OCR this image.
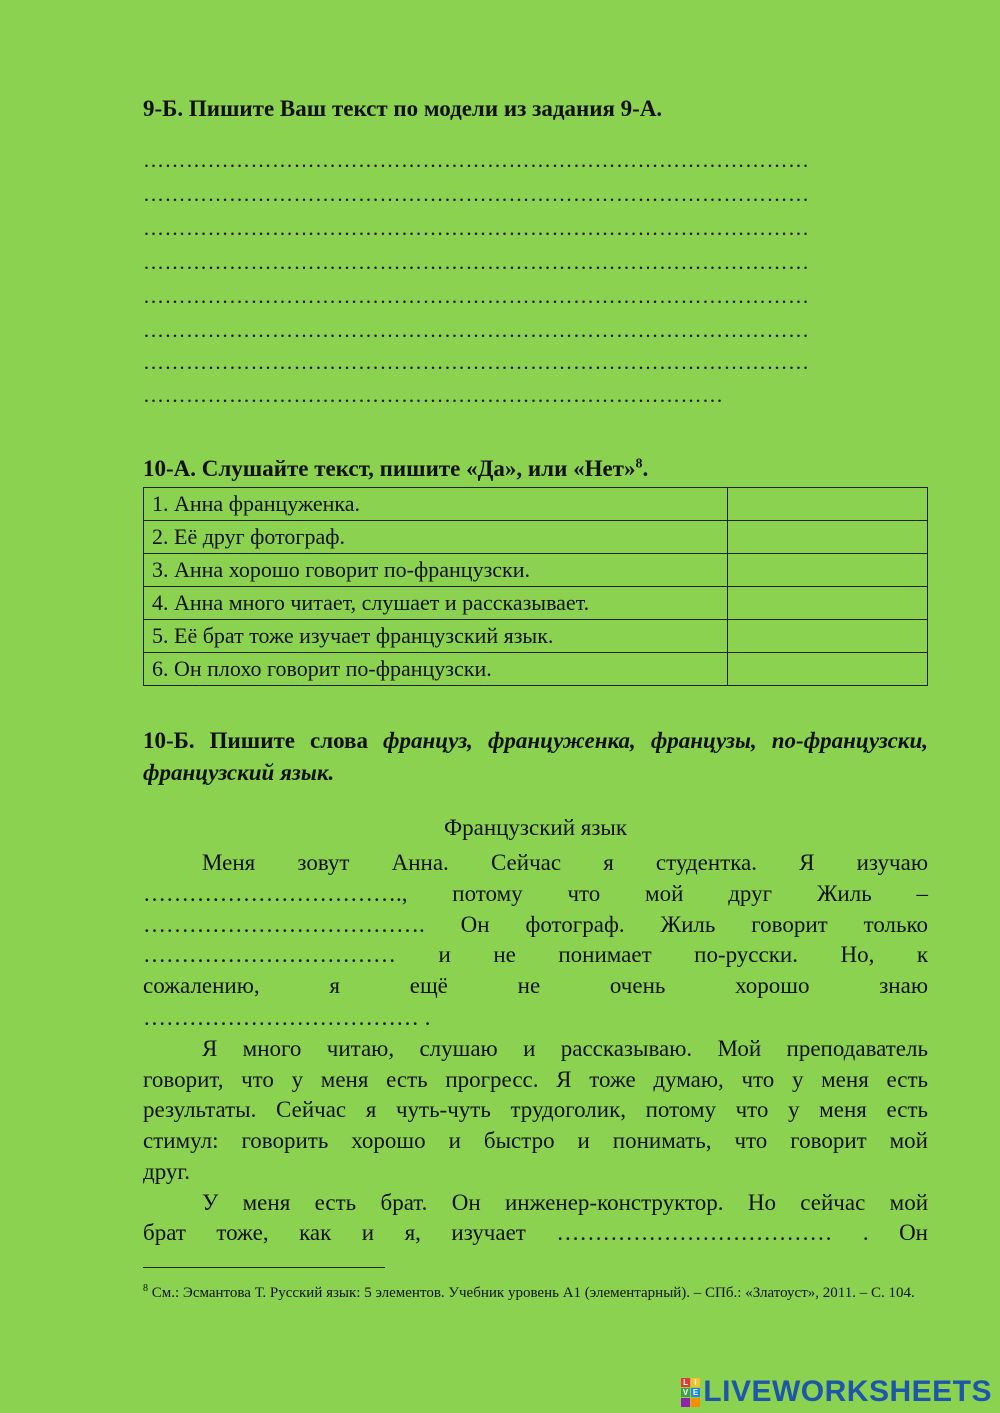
9-Б. Пишите Ваш текст по модели из задания 9-А.
…………………………………………………………………………………
…………………………………………………………………………………
…………………………………………………………………………………
…………………………………………………………………………………
…………………………………………………………………………………
…………………………………………………………………………………
…………………………………………………………………………………
………………………………………………………………………
10-А. Слушайте текст, пишите «Да», или «Нет»$^8$.
1. Анна француженка.	
2. Её друг фотограф.	
3. Анна хорошо говорит по-французски.	
4. Анна много читает, слушает и рассказывает.	
5. Её брат тоже изучает французский язык.	
6. Он плохо говорит по-французски.	
10-Б. Пишите слова француз, француженка, французы, по-французски, французский язык.
Французский язык
Меня зовут Анна. Сейчас я студентка. Я изучаю
……………………………., потому что мой друг Жиль –
………………………………. Он фотограф. Жиль говорит только
…………………………… и не понимает по-русски. Но, к
сожалению, я ещё не очень хорошо знаю
……………………………… .
Я много читаю, слушаю и рассказываю. Мой преподаватель
говорит, что у меня есть прогресс. Я тоже думаю, что у меня есть
результаты. Сейчас я чуть-чуть трудоголик, потому что у меня есть
стимул: говорить хорошо и быстро и понимать, что говорит мой
друг.
У меня есть брат. Он инженер-конструктор. Но сейчас мой
брат тоже, как и я, изучает ……………………………… . Он
$^8$ См.: Эсмантова Т. Русский язык: 5 элементов. Учебник уровень А1 (элементарный). – СПб.: «Златоуст», 2011. – С. 104.
L I
V E LIVEWORKSHEETS
